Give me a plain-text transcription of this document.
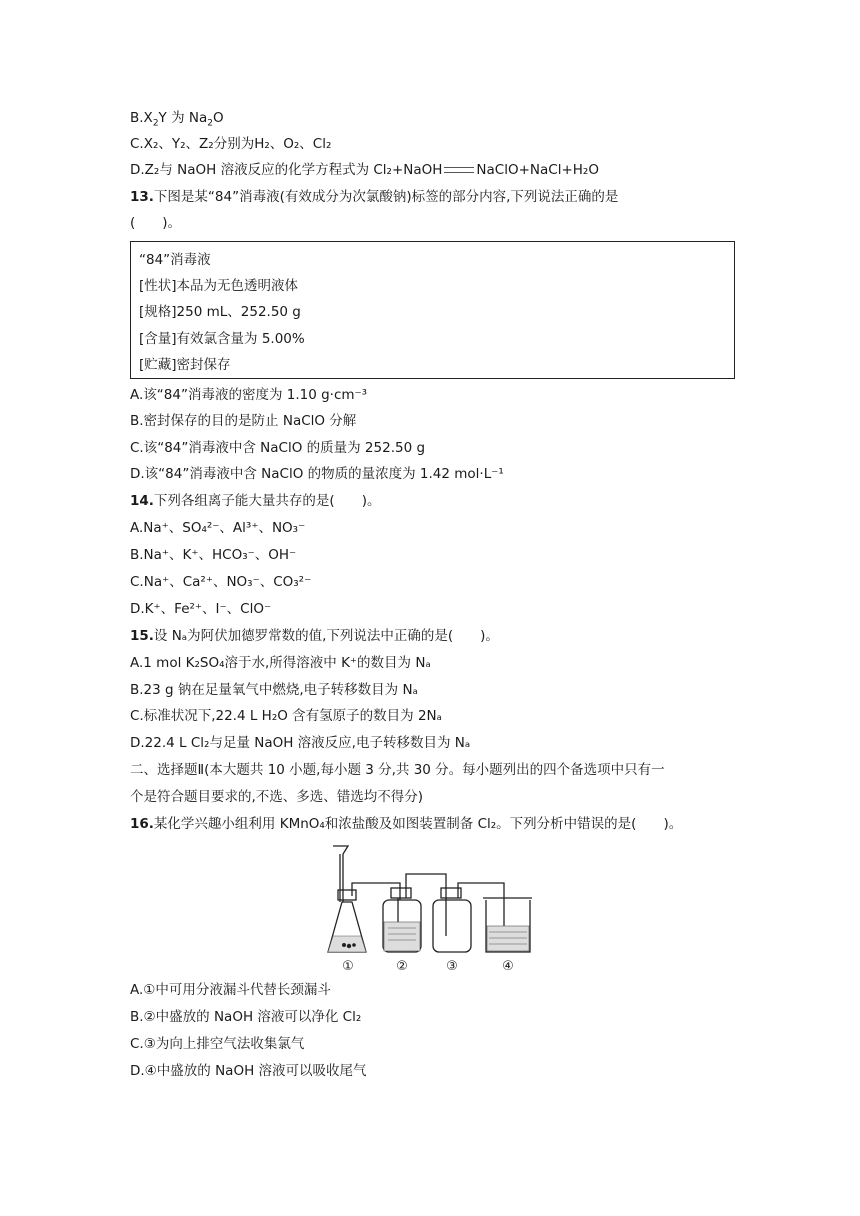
$B.X_2Y$ 为 $Na_2O$
C.X₂、Y₂、Z₂分别为H₂、O₂、Cl₂
D.Z₂与 NaOH 溶液反应的化学方程式为 Cl₂+NaOH	NaClO+NaCl+H₂O
13.下图是某“84”消毒液(有效成分为次氯酸钠)标签的部分内容,下列说法正确的是
(　　)。
“84”消毒液
[性状]本品为无色透明液体
[规格]250 mL、252.50 g
[含量]有效氯含量为 5.00%
[贮藏]密封保存
A.该“84”消毒液的密度为 1.10 g·cm⁻³
B.密封保存的目的是防止 NaClO 分解
C.该“84”消毒液中含 NaClO 的质量为 252.50 g
D.该“84”消毒液中含 NaClO 的物质的量浓度为 1.42 mol·L⁻¹
14.下列各组离子能大量共存的是(　　)。
A.Na⁺、SO₄²⁻、Al³⁺、NO₃⁻
B.Na⁺、K⁺、HCO₃⁻、OH⁻
C.Na⁺、Ca²⁺、NO₃⁻、CO₃²⁻
D.K⁺、Fe²⁺、I⁻、ClO⁻
15.设 Nₐ为阿伏加德罗常数的值,下列说法中正确的是(　　)。
A.1 mol K₂SO₄溶于水,所得溶液中 K⁺的数目为 Nₐ
B.23 g 钠在足量氧气中燃烧,电子转移数目为 Nₐ
C.标准状况下,22.4 L H₂O 含有氢原子的数目为 2Nₐ
D.22.4 L Cl₂与足量 NaOH 溶液反应,电子转移数目为 Nₐ
二、选择题Ⅱ(本大题共 10 小题,每小题 3 分,共 30 分。每小题列出的四个备选项中只有一
个是符合题目要求的,不选、多选、错选均不得分)
16.某化学兴趣小组利用 KMnO₄和浓盐酸及如图装置制备 Cl₂。下列分析中错误的是(　　)。
①	②	③	④
A.①中可用分液漏斗代替长颈漏斗
B.②中盛放的 NaOH 溶液可以净化 Cl₂
C.③为向上排空气法收集氯气
D.④中盛放的 NaOH 溶液可以吸收尾气
